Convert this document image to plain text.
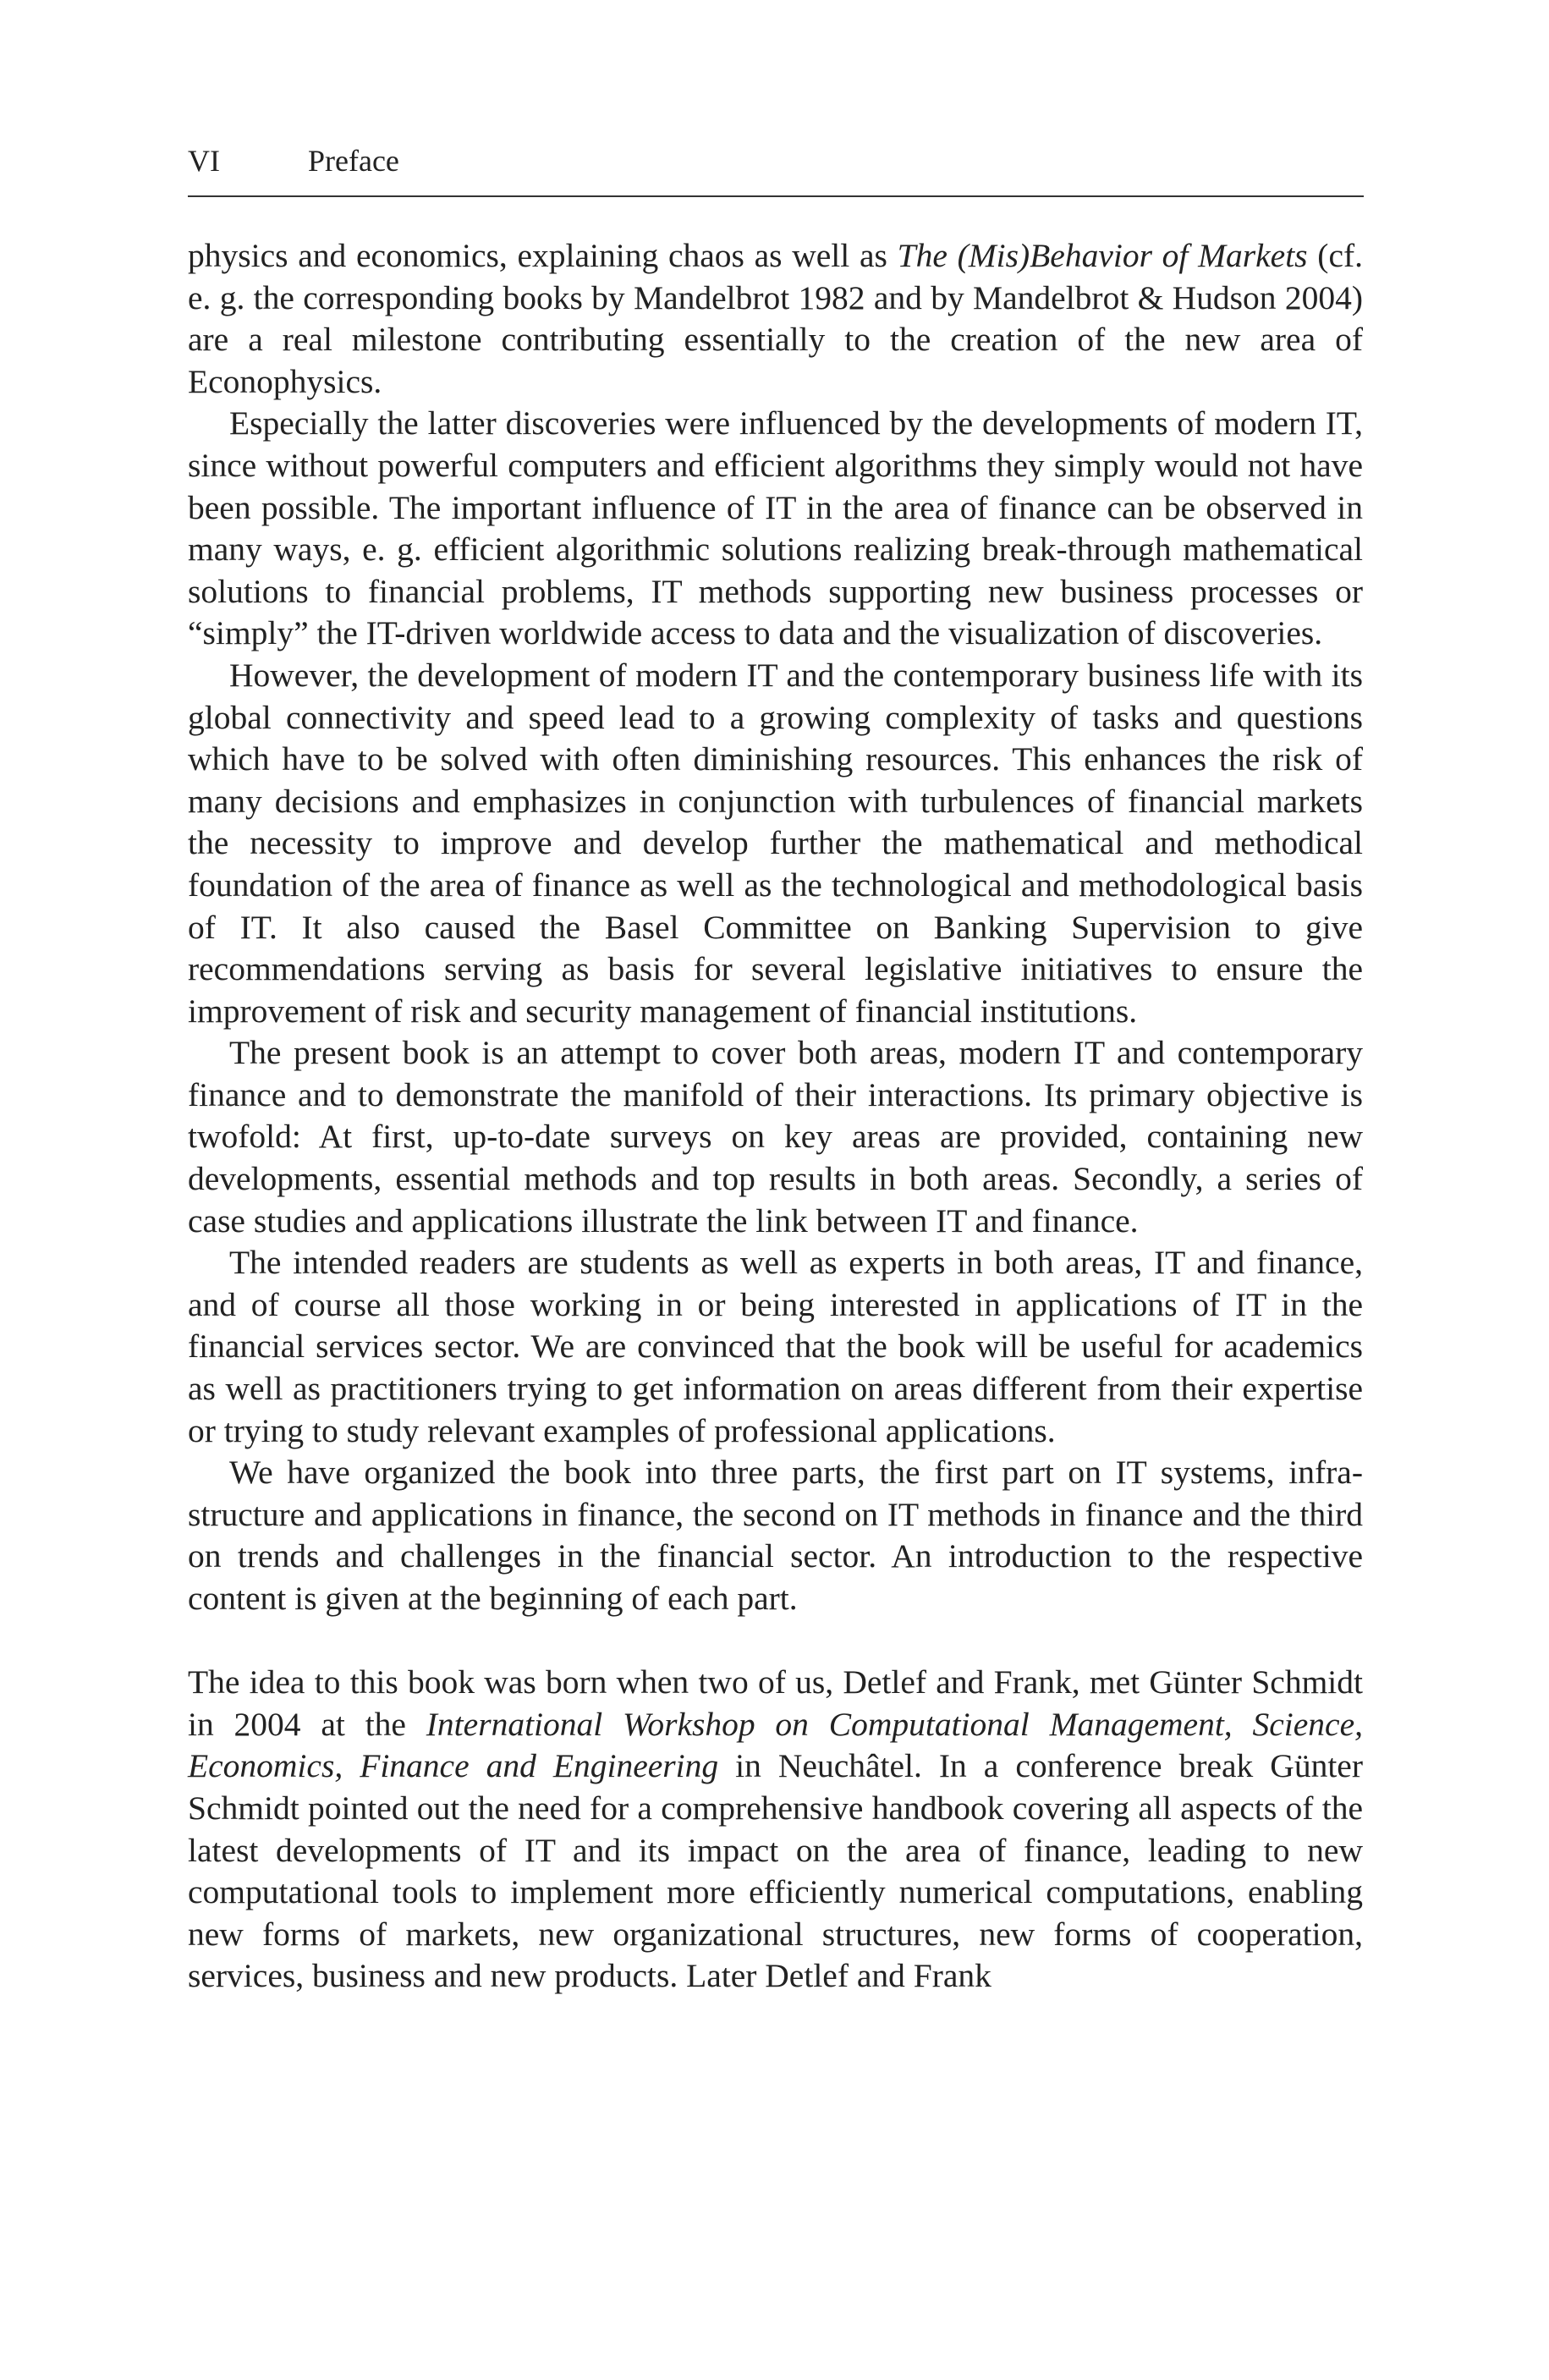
VI	Preface

physics and economics, explaining chaos as well as The (Mis)Behavior of Markets (cf. e. g. the corresponding books by Mandelbrot 1982 and by Mandelbrot & Hudson 2004) are a real milestone contributing essentially to the creation of the new area of Econophysics.

Especially the latter discoveries were influenced by the developments of modern IT, since without powerful computers and efficient algorithms they simply would not have been possible. The important influence of IT in the area of finance can be observed in many ways, e. g. efficient algorithmic solutions realizing break-through mathematical solutions to financial problems, IT methods supporting new business processes or “simply” the IT-driven worldwide access to data and the visualization of discoveries.

However, the development of modern IT and the contemporary business life with its global connectivity and speed lead to a growing complexity of tasks and questions which have to be solved with often diminishing resources. This enhances the risk of many decisions and emphasizes in conjunction with turbulences of financial markets the necessity to improve and develop further the mathematical and methodical foundation of the area of finance as well as the technological and methodological basis of IT. It also caused the Basel Committee on Banking Supervision to give recommendations serving as basis for several legislative initiatives to ensure the improvement of risk and security management of financial institutions.

The present book is an attempt to cover both areas, modern IT and contemporary finance and to demonstrate the manifold of their interactions. Its primary objective is twofold: At first, up-to-date surveys on key areas are provided, containing new developments, essential methods and top results in both areas. Secondly, a series of case studies and applications illustrate the link between IT and finance.

The intended readers are students as well as experts in both areas, IT and finance, and of course all those working in or being interested in applications of IT in the financial services sector. We are convinced that the book will be useful for academics as well as practitioners trying to get information on areas different from their expertise or trying to study relevant examples of professional applications.

We have organized the book into three parts, the first part on IT systems, infrastructure and applications in finance, the second on IT methods in finance and the third on trends and challenges in the financial sector. An introduction to the respective content is given at the beginning of each part.

The idea to this book was born when two of us, Detlef and Frank, met Günter Schmidt in 2004 at the International Workshop on Computational Management, Science, Economics, Finance and Engineering in Neuchâtel. In a conference break Günter Schmidt pointed out the need for a comprehensive handbook covering all aspects of the latest developments of IT and its impact on the area of finance, leading to new computational tools to implement more efficiently numerical computations, enabling new forms of markets, new organizational structures, new forms of cooperation, services, business and new products. Later Detlef and Frank
